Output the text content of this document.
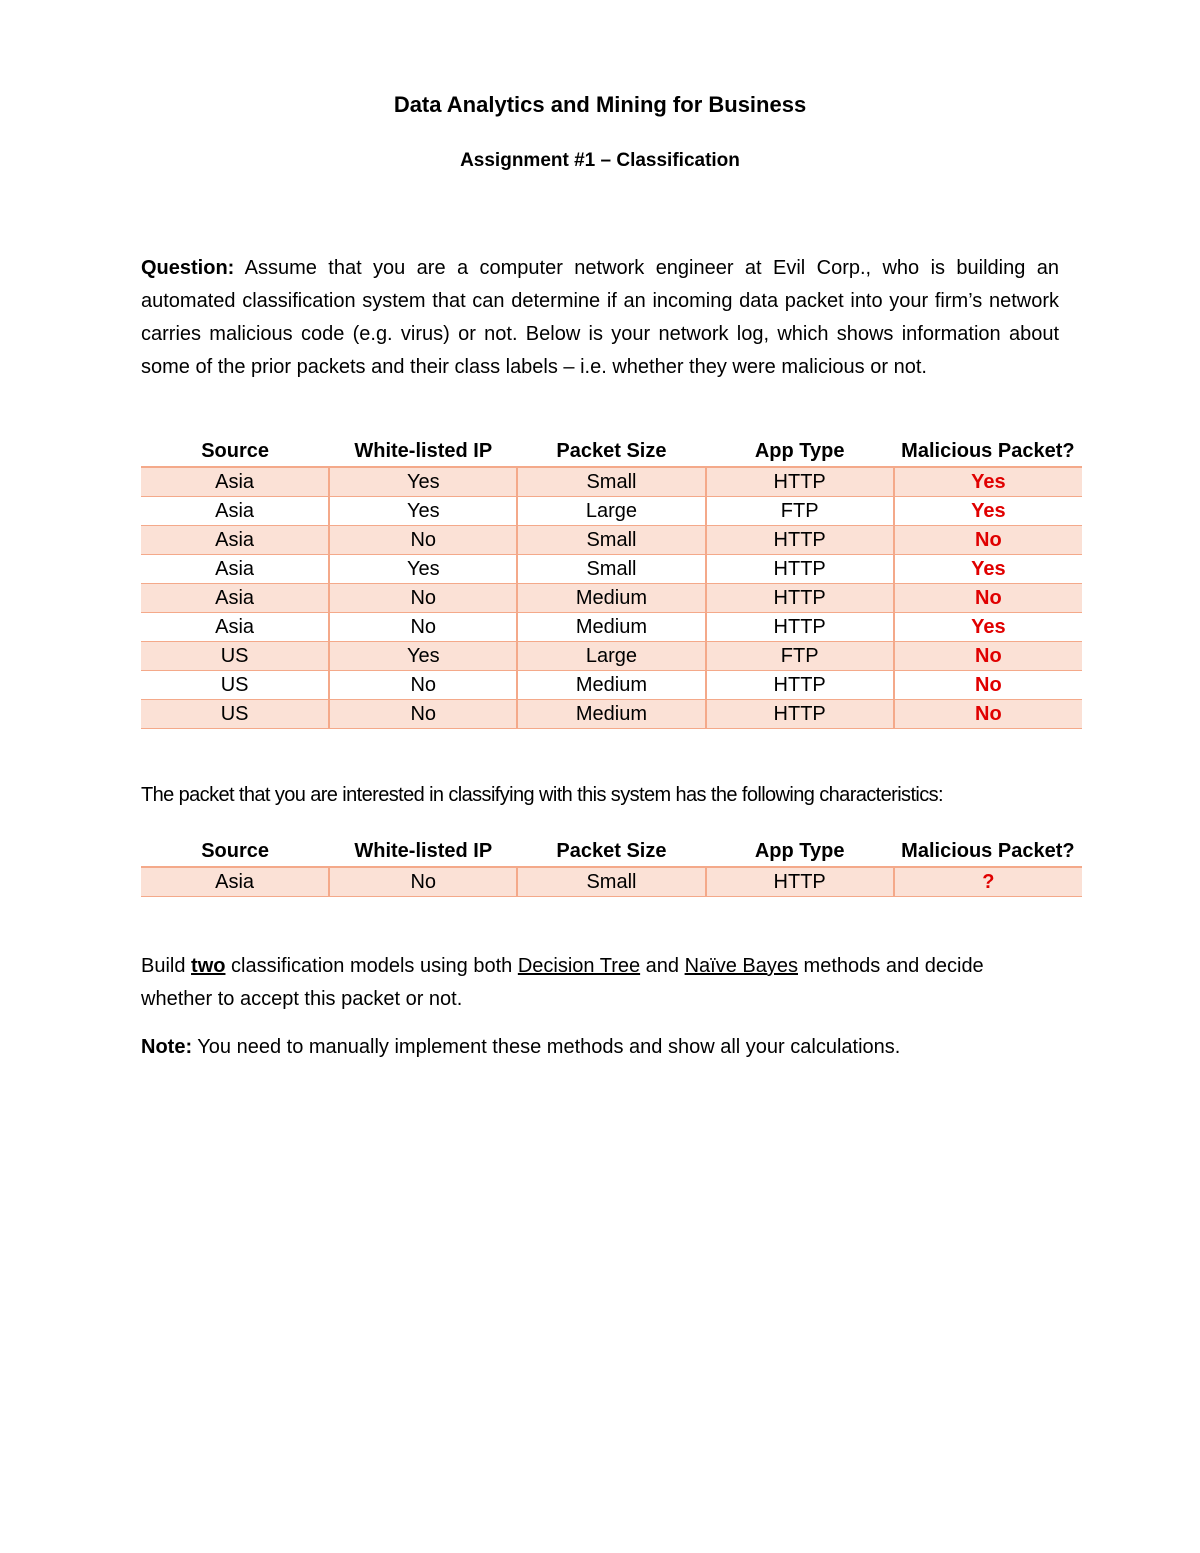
Data Analytics and Mining for Business
Assignment #1 – Classification
Question: Assume that you are a computer network engineer at Evil Corp., who is building an automated classification system that can determine if an incoming data packet into your firm’s network carries malicious code (e.g. virus) or not. Below is your network log, which shows information about some of the prior packets and their class labels – i.e. whether they were malicious or not.
Source	White-listed IP	Packet Size	App Type	Malicious Packet?
Asia	Yes	Small	HTTP	Yes
Asia	Yes	Large	FTP	Yes
Asia	No	Small	HTTP	No
Asia	Yes	Small	HTTP	Yes
Asia	No	Medium	HTTP	No
Asia	No	Medium	HTTP	Yes
US	Yes	Large	FTP	No
US	No	Medium	HTTP	No
US	No	Medium	HTTP	No
The packet that you are interested in classifying with this system has the following characteristics:
Source	White-listed IP	Packet Size	App Type	Malicious Packet?
Asia	No	Small	HTTP	?
Build two classification models using both Decision Tree and Naïve Bayes methods and decide whether to accept this packet or not.
Note: You need to manually implement these methods and show all your calculations.
